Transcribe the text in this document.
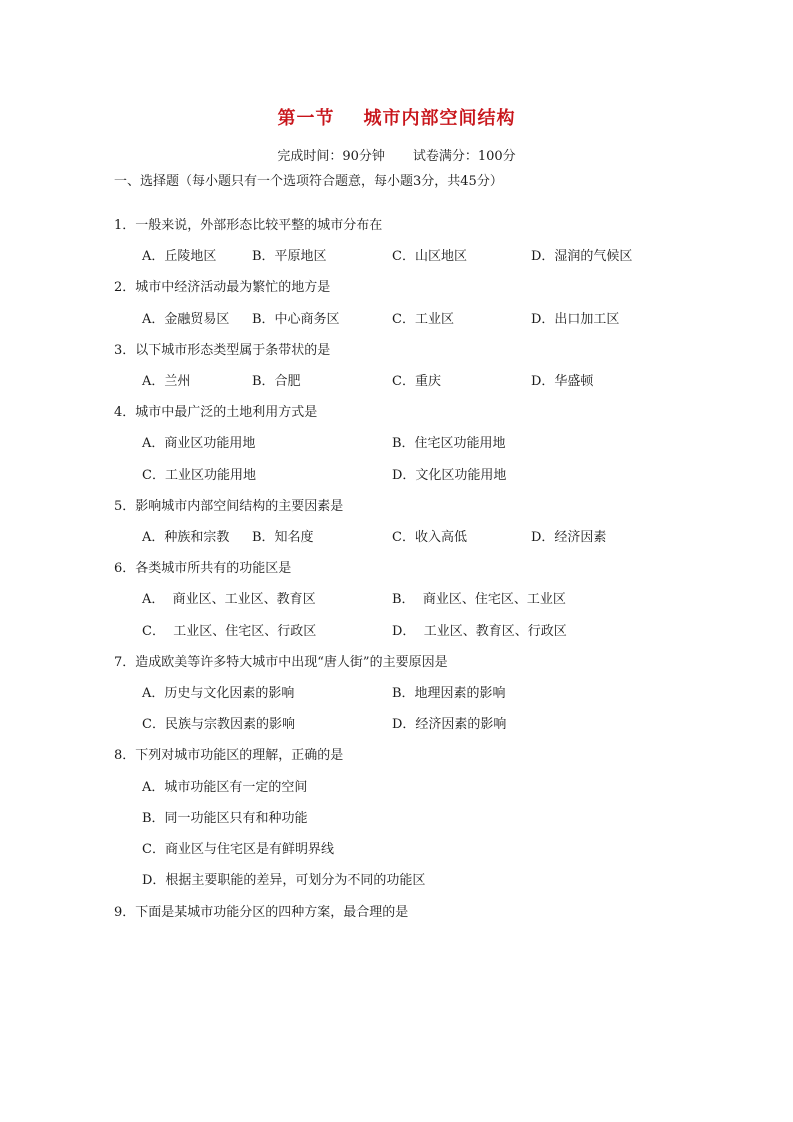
第一节 城市内部空间结构
完成时间：90分钟 试卷满分：100分
一、选择题（每小题只有一个选项符合题意，每小题3分，共45分）
1．一般来说，外部形态比较平整的城市分布在
A．丘陵地区	B．平原地区	C．山区地区	D．湿润的气候区
2．城市中经济活动最为繁忙的地方是
A．金融贸易区 B．中心商务区	C．工业区	D．出口加工区
3．以下城市形态类型属于条带状的是
A．兰州	B．合肥	C．重庆	D．华盛顿
4．城市中最广泛的土地利用方式是
A．商业区功能用地	B．住宅区功能用地
C．工业区功能用地	D．文化区功能用地
5．影响城市内部空间结构的主要因素是
A．种族和宗教 B．知名度	C．收入高低	D．经济因素
6．各类城市所共有的功能区是
A．  商业区、工业区、教育区	B．  商业区、住宅区、工业区
C．  工业区、住宅区、行政区	D．  工业区、教育区、行政区
7．造成欧美等许多特大城市中出现“唐人街”的主要原因是
A．历史与文化因素的影响	B．地理因素的影响
C．民族与宗教因素的影响	D．经济因素的影响
8．下列对城市功能区的理解，正确的是
A．城市功能区有一定的空间
B．同一功能区只有和种功能
C．商业区与住宅区是有鲜明界线
D．根据主要职能的差异，可划分为不同的功能区
9．下面是某城市功能分区的四种方案，最合理的是
